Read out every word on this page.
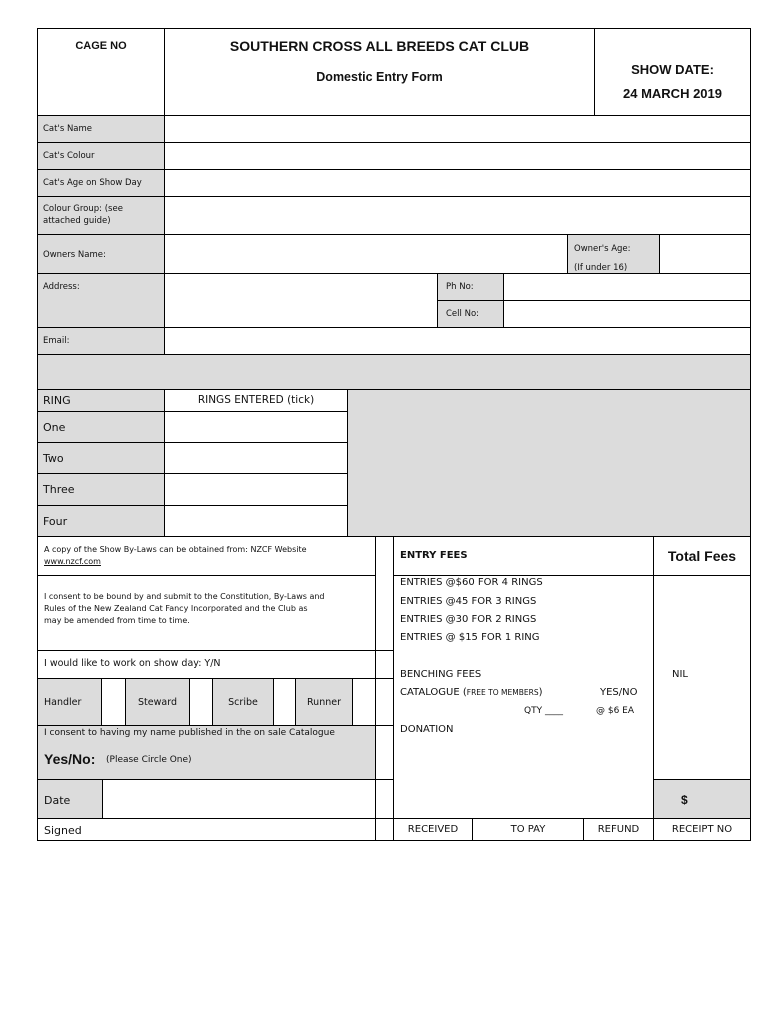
CAGE NO	SOUTHERN CROSS ALL BREEDS CAT CLUB
Domestic Entry Form	SHOW DATE:
24 MARCH 2019
Cat's Name
Cat's Colour
Cat's Age on Show Day
Colour Group: (see
attached guide)
Owners Name:
Owner's Age:
(If under 16)
Address:	Ph No:
Cell No:
Email:
RING	RINGS ENTERED (tick)
One
Two
Three
Four
A copy of the Show By-Laws can be obtained from: NZCF Website
www.nzcf.com
I consent to be bound by and submit to the Constitution, By-Laws and
Rules of the New Zealand Cat Fancy Incorporated and the Club as
may be amended from time to time.
I would like to work on show day: Y/N
Handler	Steward	Scribe	Runner
I consent to having my name published in the on sale Catalogue
Yes/No: (Please Circle One)
Date
Signed
ENTRY FEES	Total Fees
ENTRIES @$60 FOR 4 RINGS
ENTRIES @45 FOR 3 RINGS
ENTRIES @30 FOR 2 RINGS
ENTRIES @ $15 FOR 1 RING
BENCHING FEES
CATALOGUE (FREE TO MEMBERS)	YES/NO
QTY ____	@ $6 EA
DONATION
NIL
$
RECEIVED	TO PAY	REFUND	RECEIPT NO
